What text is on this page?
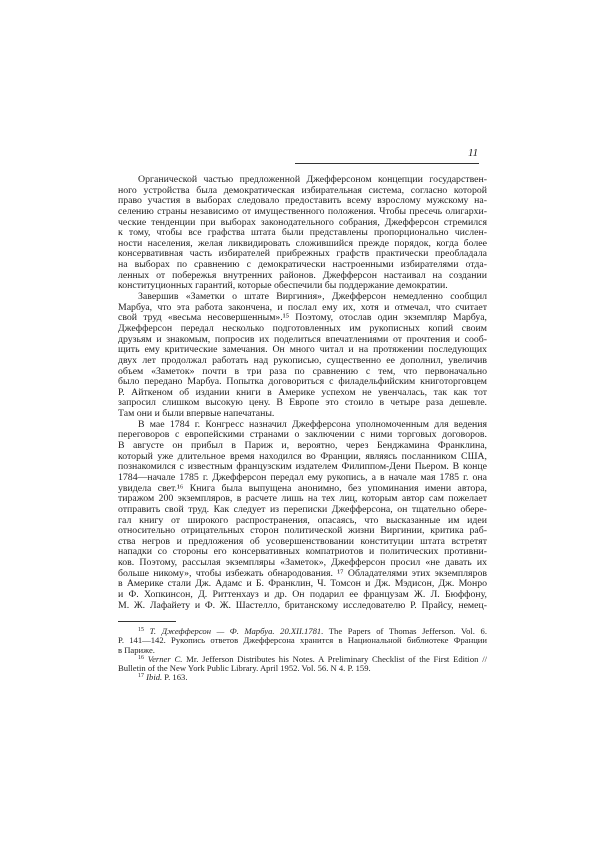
11
Органической частью предложенной Джефферсоном концепции государствен-
ного устройства была демократическая избирательная система, согласно которой
право участия в выборах следовало предоставить всему взрослому мужскому на-
селению страны независимо от имущественного положения. Чтобы пресечь олигархи-
ческие тенденции при выборах законодательного собрания, Джефферсон стремился
к тому, чтобы все графства штата были представлены пропорционально числен-
ности населения, желая ликвидировать сложившийся прежде порядок, когда более
консервативная часть избирателей прибрежных графств практически преобладала
на выборах по сравнению с демократически настроенными избирателями отда-
ленных от побережья внутренних районов. Джефферсон настаивал на создании
конституционных гарантий, которые обеспечили бы поддержание демократии.
Завершив «Заметки о штате Виргиния», Джефферсон немедленно сообщил
Марбуа, что эта работа закончена, и послал ему их, хотя и отмечал, что считает
свой труд «весьма несовершенным».¹⁵ Поэтому, отослав один экземпляр Марбуа,
Джефферсон передал несколько подготовленных им рукописных копий своим
друзьям и знакомым, попросив их поделиться впечатлениями от прочтения и сооб-
щить ему критические замечания. Он много читал и на протяжении последующих
двух лет продолжал работать над рукописью, существенно ее дополнил, увеличив
объем «Заметок» почти в три раза по сравнению с тем, что первоначально
было передано Марбуа. Попытка договориться с филадельфийским книготорговцем
Р. Айткеном об издании книги в Америке успехом не увенчалась, так как тот
запросил слишком высокую цену. В Европе это стоило в четыре раза дешевле.
Там они и были впервые напечатаны.
В мае 1784 г. Конгресс назначил Джефферсона уполномоченным для ведения
переговоров с европейскими странами о заключении с ними торговых договоров.
В августе он прибыл в Париж и, вероятно, через Бенджамина Франклина,
который уже длительное время находился во Франции, являясь посланником США,
познакомился с известным французским издателем Филиппом-Дени Пьером. В конце
1784—начале 1785 г. Джефферсон передал ему рукопись, а в начале мая 1785 г. она
увидела свет.¹⁶ Книга была выпущена анонимно, без упоминания имени автора,
тиражом 200 экземпляров, в расчете лишь на тех лиц, которым автор сам пожелает
отправить свой труд. Как следует из переписки Джефферсона, он тщательно обере-
гал книгу от широкого распространения, опасаясь, что высказанные им идеи
относительно отрицательных сторон политической жизни Виргинии, критика раб-
ства негров и предложения об усовершенствовании конституции штата встретят
нападки со стороны его консервативных компатриотов и политических противни-
ков. Поэтому, рассылая экземпляры «Заметок», Джефферсон просил «не давать их
больше никому», чтобы избежать обнародования. ¹⁷ Обладателями этих экземпляров
в Америке стали Дж. Адамс и Б. Франклин, Ч. Томсон и Дж. Мэдисон, Дж. Монро
и Ф. Хопкинсон, Д. Риттенхауз и др. Он подарил ее французам Ж. Л. Бюффону,
М. Ж. Лафайету и Ф. Ж. Шастелло, британскому исследователю Р. Прайсу, немец-
$^{15}$ Т. Джефферсон — Ф. Марбуа. 20.XII.1781. The Papers of Thomas Jefferson. Vol. 6.
P. 141—142. Рукопись ответов Джефферсона хранится в Национальной библиотеке Франции
в Париже.
$^{16}$ Verner C. Mr. Jefferson Distributes his Notes. A Preliminary Checklist of the First Edition //
Bulletin of the New York Public Library. April 1952. Vol. 56. N 4. P. 159.
$^{17}$ Ibid. P. 163.
